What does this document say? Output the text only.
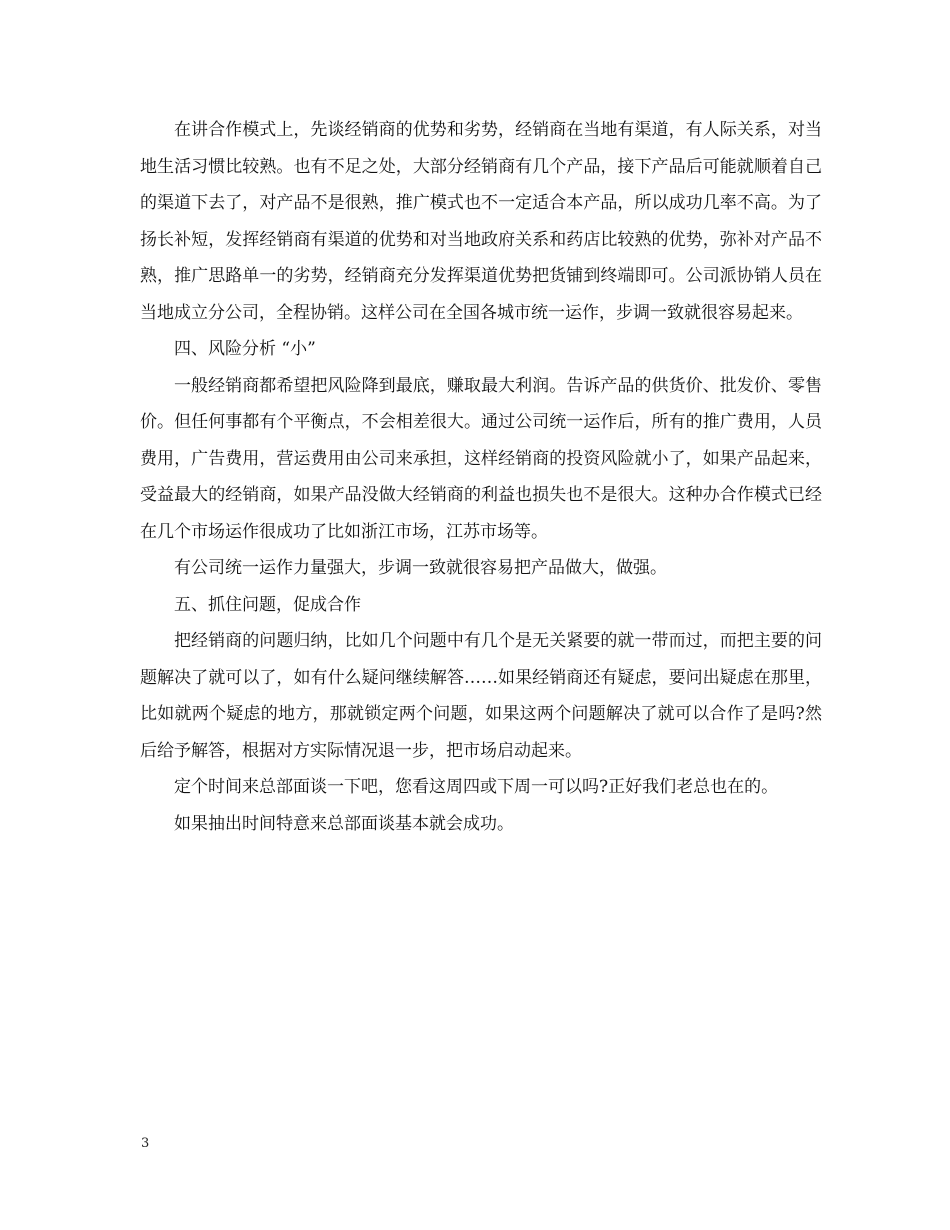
在讲合作模式上，先谈经销商的优势和劣势，经销商在当地有渠道，有人际关系，对当地生活习惯比较熟。也有不足之处，大部分经销商有几个产品，接下产品后可能就顺着自己的渠道下去了，对产品不是很熟，推广模式也不一定适合本产品，所以成功几率不高。为了扬长补短，发挥经销商有渠道的优势和对当地政府关系和药店比较熟的优势，弥补对产品不熟，推广思路单一的劣势，经销商充分发挥渠道优势把货铺到终端即可。公司派协销人员在当地成立分公司，全程协销。这样公司在全国各城市统一运作，步调一致就很容易起来。

四、风险分析 “小”

一般经销商都希望把风险降到最底，赚取最大利润。告诉产品的供货价、批发价、零售价。但任何事都有个平衡点，不会相差很大。通过公司统一运作后，所有的推广费用，人员费用，广告费用，营运费用由公司来承担，这样经销商的投资风险就小了，如果产品起来，受益最大的经销商，如果产品没做大经销商的利益也损失也不是很大。这种办合作模式已经在几个市场运作很成功了比如浙江市场，江苏市场等。

有公司统一运作力量强大，步调一致就很容易把产品做大，做强。

五、抓住问题，促成合作

把经销商的问题归纳，比如几个问题中有几个是无关紧要的就一带而过，而把主要的问题解决了就可以了，如有什么疑问继续解答……如果经销商还有疑虑，要问出疑虑在那里，比如就两个疑虑的地方，那就锁定两个问题，如果这两个问题解决了就可以合作了是吗?然后给予解答，根据对方实际情况退一步，把市场启动起来。

定个时间来总部面谈一下吧，您看这周四或下周一可以吗?正好我们老总也在的。

如果抽出时间特意来总部面谈基本就会成功。

3
